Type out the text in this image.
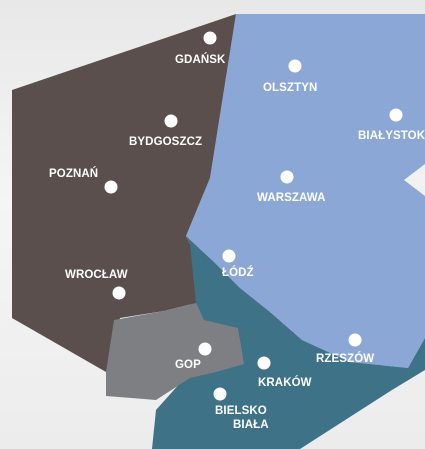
GDAŃSK
OLSZTYN
BIAŁYSTOK
BYDGOSZCZ
POZNAŃ
WARSZAWA
WROCŁAW	ŁÓDŹ
RZESZÓW
GOP
KRAKÓW
BIELSKO
BIAŁA
